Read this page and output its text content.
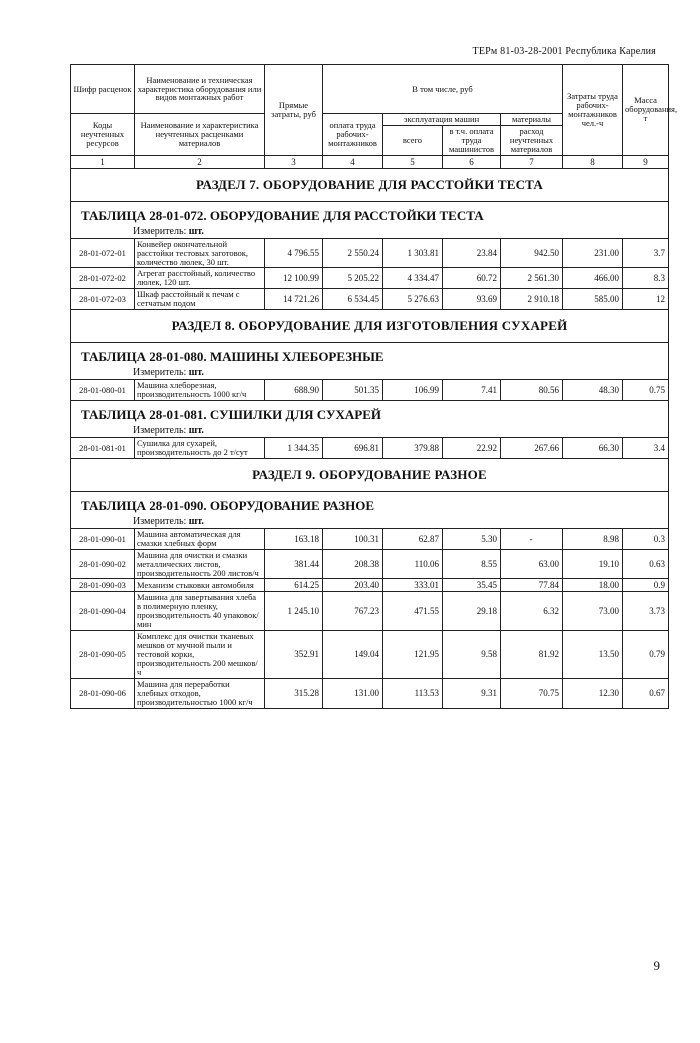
ТЕРм 81-03-28-2001 Республика Карелия
Шифр расценок	Наименование и техническая характеристика оборудования или видов монтажных работ	Прямые затраты, руб	В том числе, руб				Затраты труда рабочих-монтажников чел.-ч	Масса оборудования, т
Коды неучтенных ресурсов	Наименование и характеристика неучтенных расценками материалов		оплата труда рабочих-монтажников	эксплуатация машин		материалы		
				всего	в т.ч. оплата труда машинистов	расход неучтенных материалов		

1	2	3	4	5	6	7	8	9
РАЗДЕЛ 7. ОБОРУДОВАНИЕ ДЛЯ РАССТОЙКИ ТЕСТА								
ТАБЛИЦА 28-01-072. ОБОРУДОВАНИЕ ДЛЯ РАССТОЙКИ ТЕСТА								
Измеритель: шт.								
28-01-072-01	Конвейер окончательной расстойки тестовых заготовок, количество люлек, 30 шт.	4 796.55	2 550.24	1 303.81	23.84	942.50	231.00	3.7
28-01-072-02	Агрегат расстойный, количество люлек, 120 шт.	12 100.99	5 205.22	4 334.47	60.72	2 561.30	466.00	8.3
28-01-072-03	Шкаф расстойный к печам с сетчатым подом	14 721.26	6 534.45	5 276.63	93.69	2 910.18	585.00	12
РАЗДЕЛ 8. ОБОРУДОВАНИЕ ДЛЯ ИЗГОТОВЛЕНИЯ СУХАРЕЙ								
ТАБЛИЦА 28-01-080. МАШИНЫ ХЛЕБОРЕЗНЫЕ								
Измеритель: шт.								
28-01-080-01	Машина хлеборезная, производительность 1000 кг/ч	688.90	501.35	106.99	7.41	80.56	48.30	0.75
ТАБЛИЦА 28-01-081. СУШИЛКИ ДЛЯ СУХАРЕЙ								
Измеритель: шт.								
28-01-081-01	Сушилка для сухарей, производительность до 2 т/сут	1 344.35	696.81	379.88	22.92	267.66	66.30	3.4
РАЗДЕЛ 9. ОБОРУДОВАНИЕ РАЗНОЕ								
ТАБЛИЦА 28-01-090. ОБОРУДОВАНИЕ РАЗНОЕ								
Измеритель: шт.								
28-01-090-01	Машина автоматическая для смазки хлебных форм	163.18	100.31	62.87	5.30	-	8.98	0.3
28-01-090-02	Машина для очистки и смазки металлических листов, производительность 200 листов/ч	381.44	208.38	110.06	8.55	63.00	19.10	0.63
28-01-090-03	Механизм стыковки автомобиля	614.25	203.40	333.01	35.45	77.84	18.00	0.9
28-01-090-04	Машина для завертывания хлеба в полимерную пленку, производительность 40 упаковок/мин	1 245.10	767.23	471.55	29.18	6.32	73.00	3.73
28-01-090-05	Комплекс для очистки тканевых мешков от мучной пыли и тестовой корки, производительность 200 мешков/ч	352.91	149.04	121.95	9.58	81.92	13.50	0.79
28-01-090-06	Машина для переработки хлебных отходов, производительностью 1000 кг/ч	315.28	131.00	113.53	9.31	70.75	12.30	0.67
9
